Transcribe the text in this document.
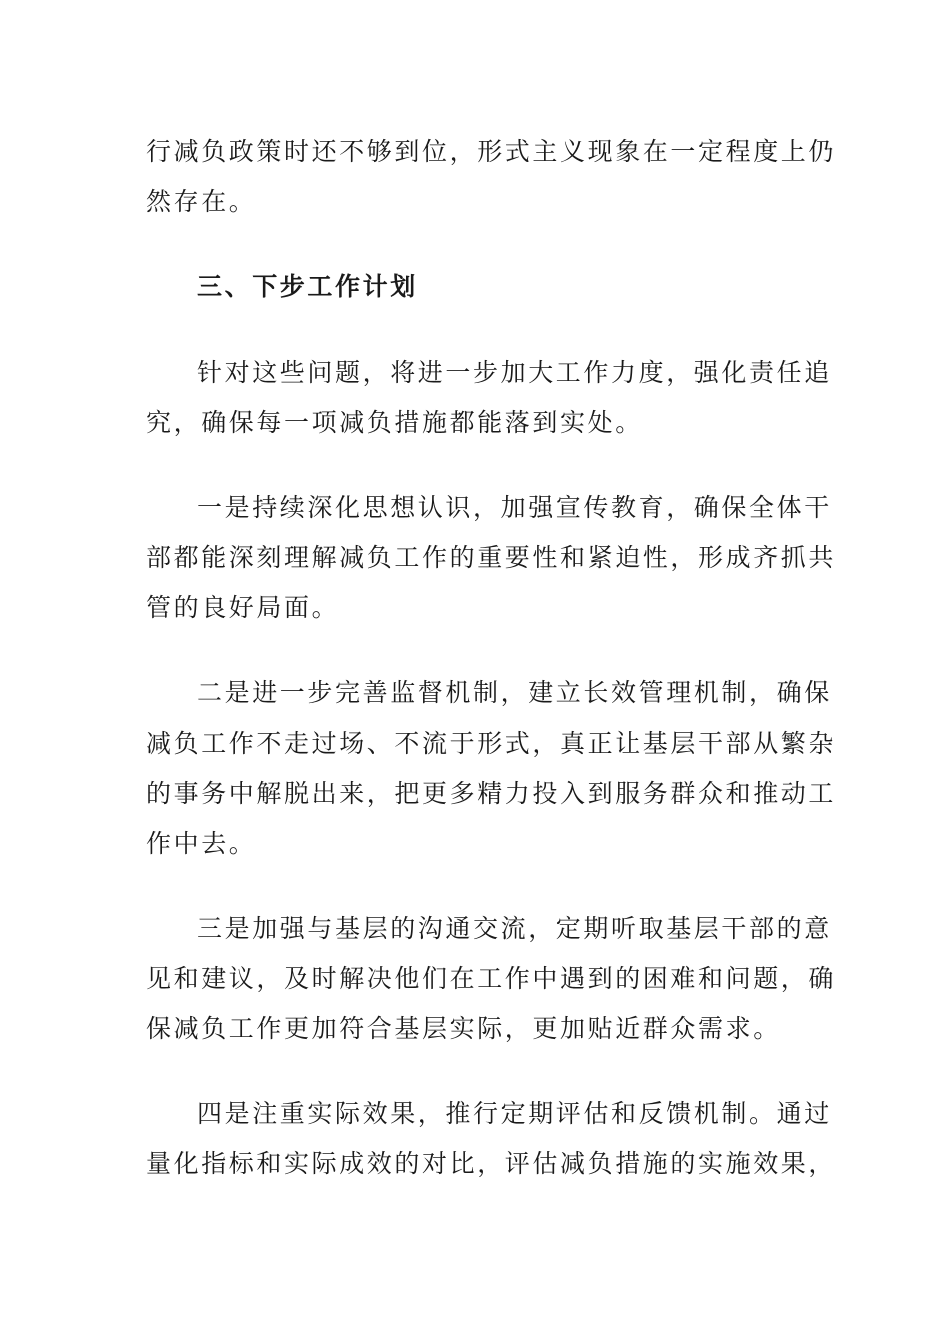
行减负政策时还不够到位，形式主义现象在一定程度上仍
然存在。
三、下步工作计划
针对这些问题，将进一步加大工作力度，强化责任追
究，确保每一项减负措施都能落到实处。
一是持续深化思想认识，加强宣传教育，确保全体干
部都能深刻理解减负工作的重要性和紧迫性，形成齐抓共
管的良好局面。
二是进一步完善监督机制，建立长效管理机制，确保
减负工作不走过场、不流于形式，真正让基层干部从繁杂
的事务中解脱出来，把更多精力投入到服务群众和推动工
作中去。
三是加强与基层的沟通交流，定期听取基层干部的意
见和建议，及时解决他们在工作中遇到的困难和问题，确
保减负工作更加符合基层实际，更加贴近群众需求。
四是注重实际效果，推行定期评估和反馈机制。通过
量化指标和实际成效的对比，评估减负措施的实施效果，
